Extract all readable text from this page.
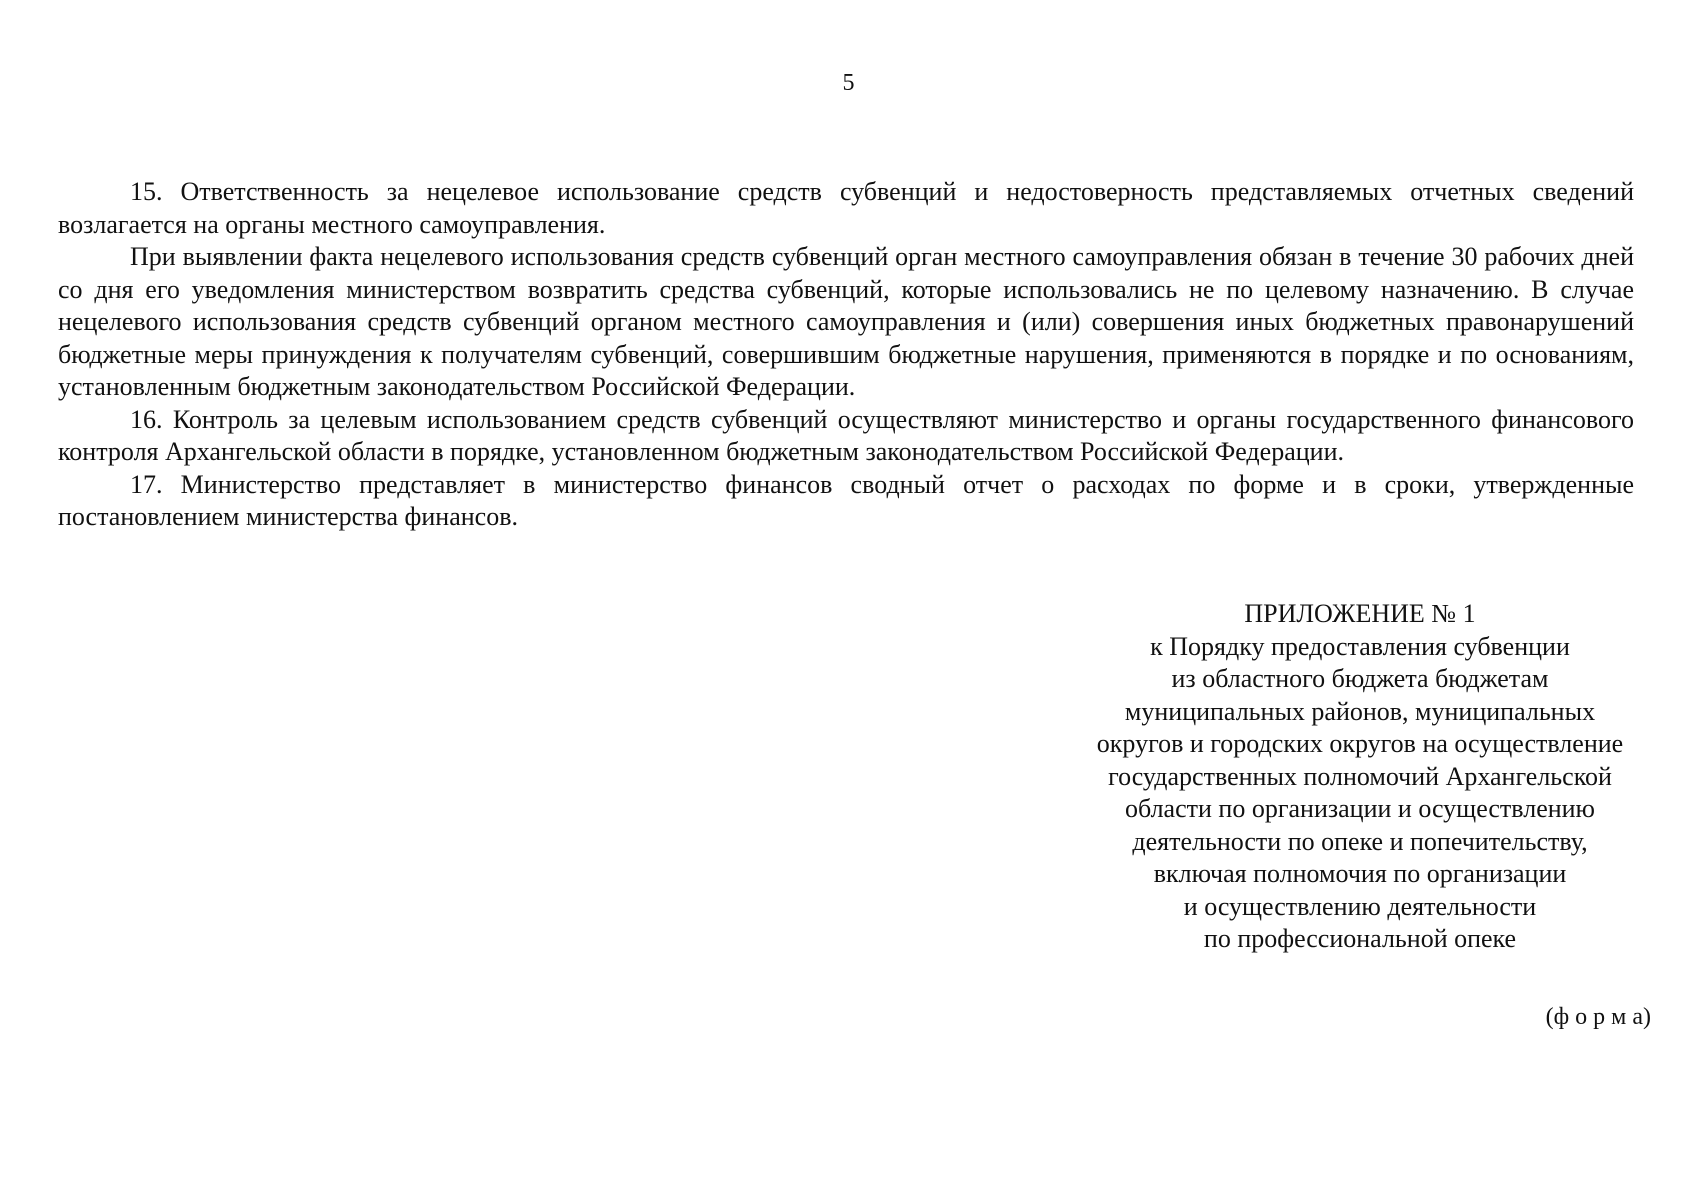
5

15. Ответственность за нецелевое использование средств субвенций и недостоверность представляемых отчетных сведений возлагается на органы местного самоуправления.

При выявлении факта нецелевого использования средств субвенций орган местного самоуправления обязан в течение 30 рабочих дней со дня его уведомления министерством возвратить средства субвенций, которые использовались не по целевому назначению. В случае нецелевого использования средств субвенций органом местного самоуправления и (или) совершения иных бюджетных правонарушений бюджетные меры принуждения к получателям субвенций, совершившим бюджетные нарушения, применяются в порядке и по основаниям, установленным бюджетным законодательством Российской Федерации.

16. Контроль за целевым использованием средств субвенций осуществляют министерство и органы государственного финансового контроля Архангельской области в порядке, установленном бюджетным законодательством Российской Федерации.

17. Министерство представляет в министерство финансов сводный отчет о расходах по форме и в сроки, утвержденные постановлением министерства финансов.

ПРИЛОЖЕНИЕ № 1
к Порядку предоставления субвенции
из областного бюджета бюджетам
муниципальных районов, муниципальных
округов и городских округов на осуществление
государственных полномочий Архангельской
области по организации и осуществлению
деятельности по опеке и попечительству,
включая полномочия по организации
и осуществлению деятельности
по профессиональной опеке
(ф о р м а)
